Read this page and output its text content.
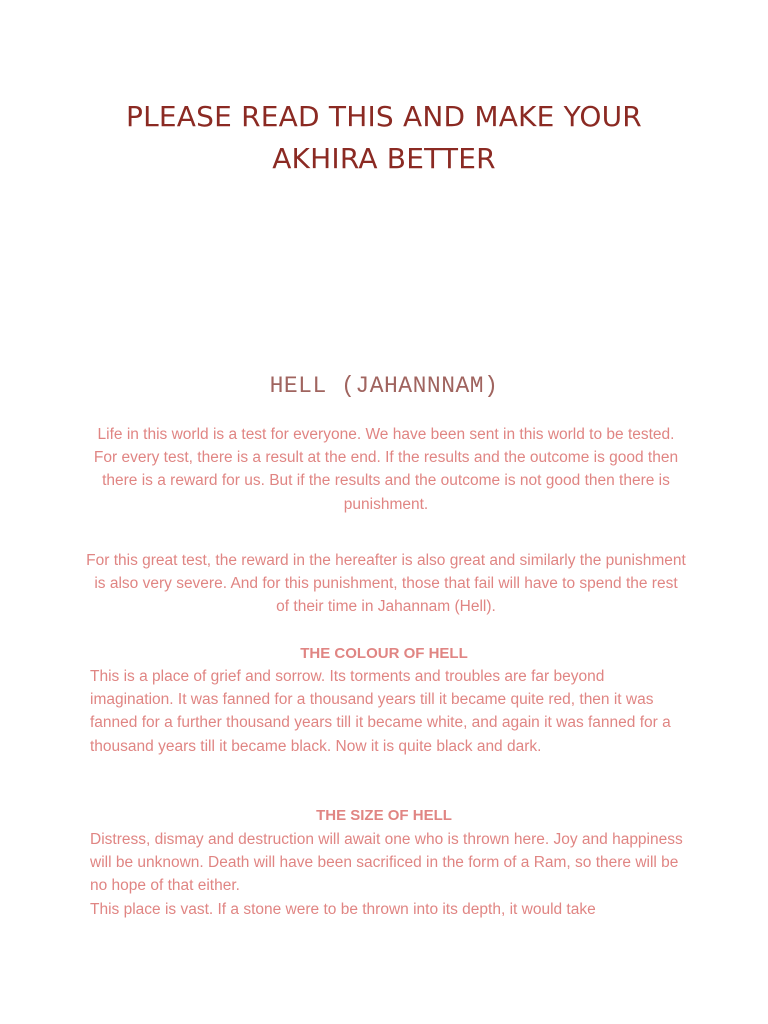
PLEASE READ THIS AND MAKE YOUR
AKHIRA BETTER
HELL (JAHANNNAM)

Life in this world is a test for everyone. We have been sent in this world to be tested. For every test, there is a result at the end. If the results and the outcome is good then there is a reward for us. But if the results and the outcome is not good then there is punishment.

For this great test, the reward in the hereafter is also great and similarly the punishment is also very severe. And for this punishment, those that fail will have to spend the rest of their time in Jahannam (Hell).

THE COLOUR OF HELL

This is a place of grief and sorrow. Its torments and troubles are far beyond imagination. It was fanned for a thousand years till it became quite red, then it was fanned for a further thousand years till it became white, and again it was fanned for a thousand years till it became black. Now it is quite black and dark.

THE SIZE OF HELL

Distress, dismay and destruction will await one who is thrown here. Joy and happiness will be unknown. Death will have been sacrificed in the form of a Ram, so there will be no hope of that either.

This place is vast. If a stone were to be thrown into its depth, it would take
